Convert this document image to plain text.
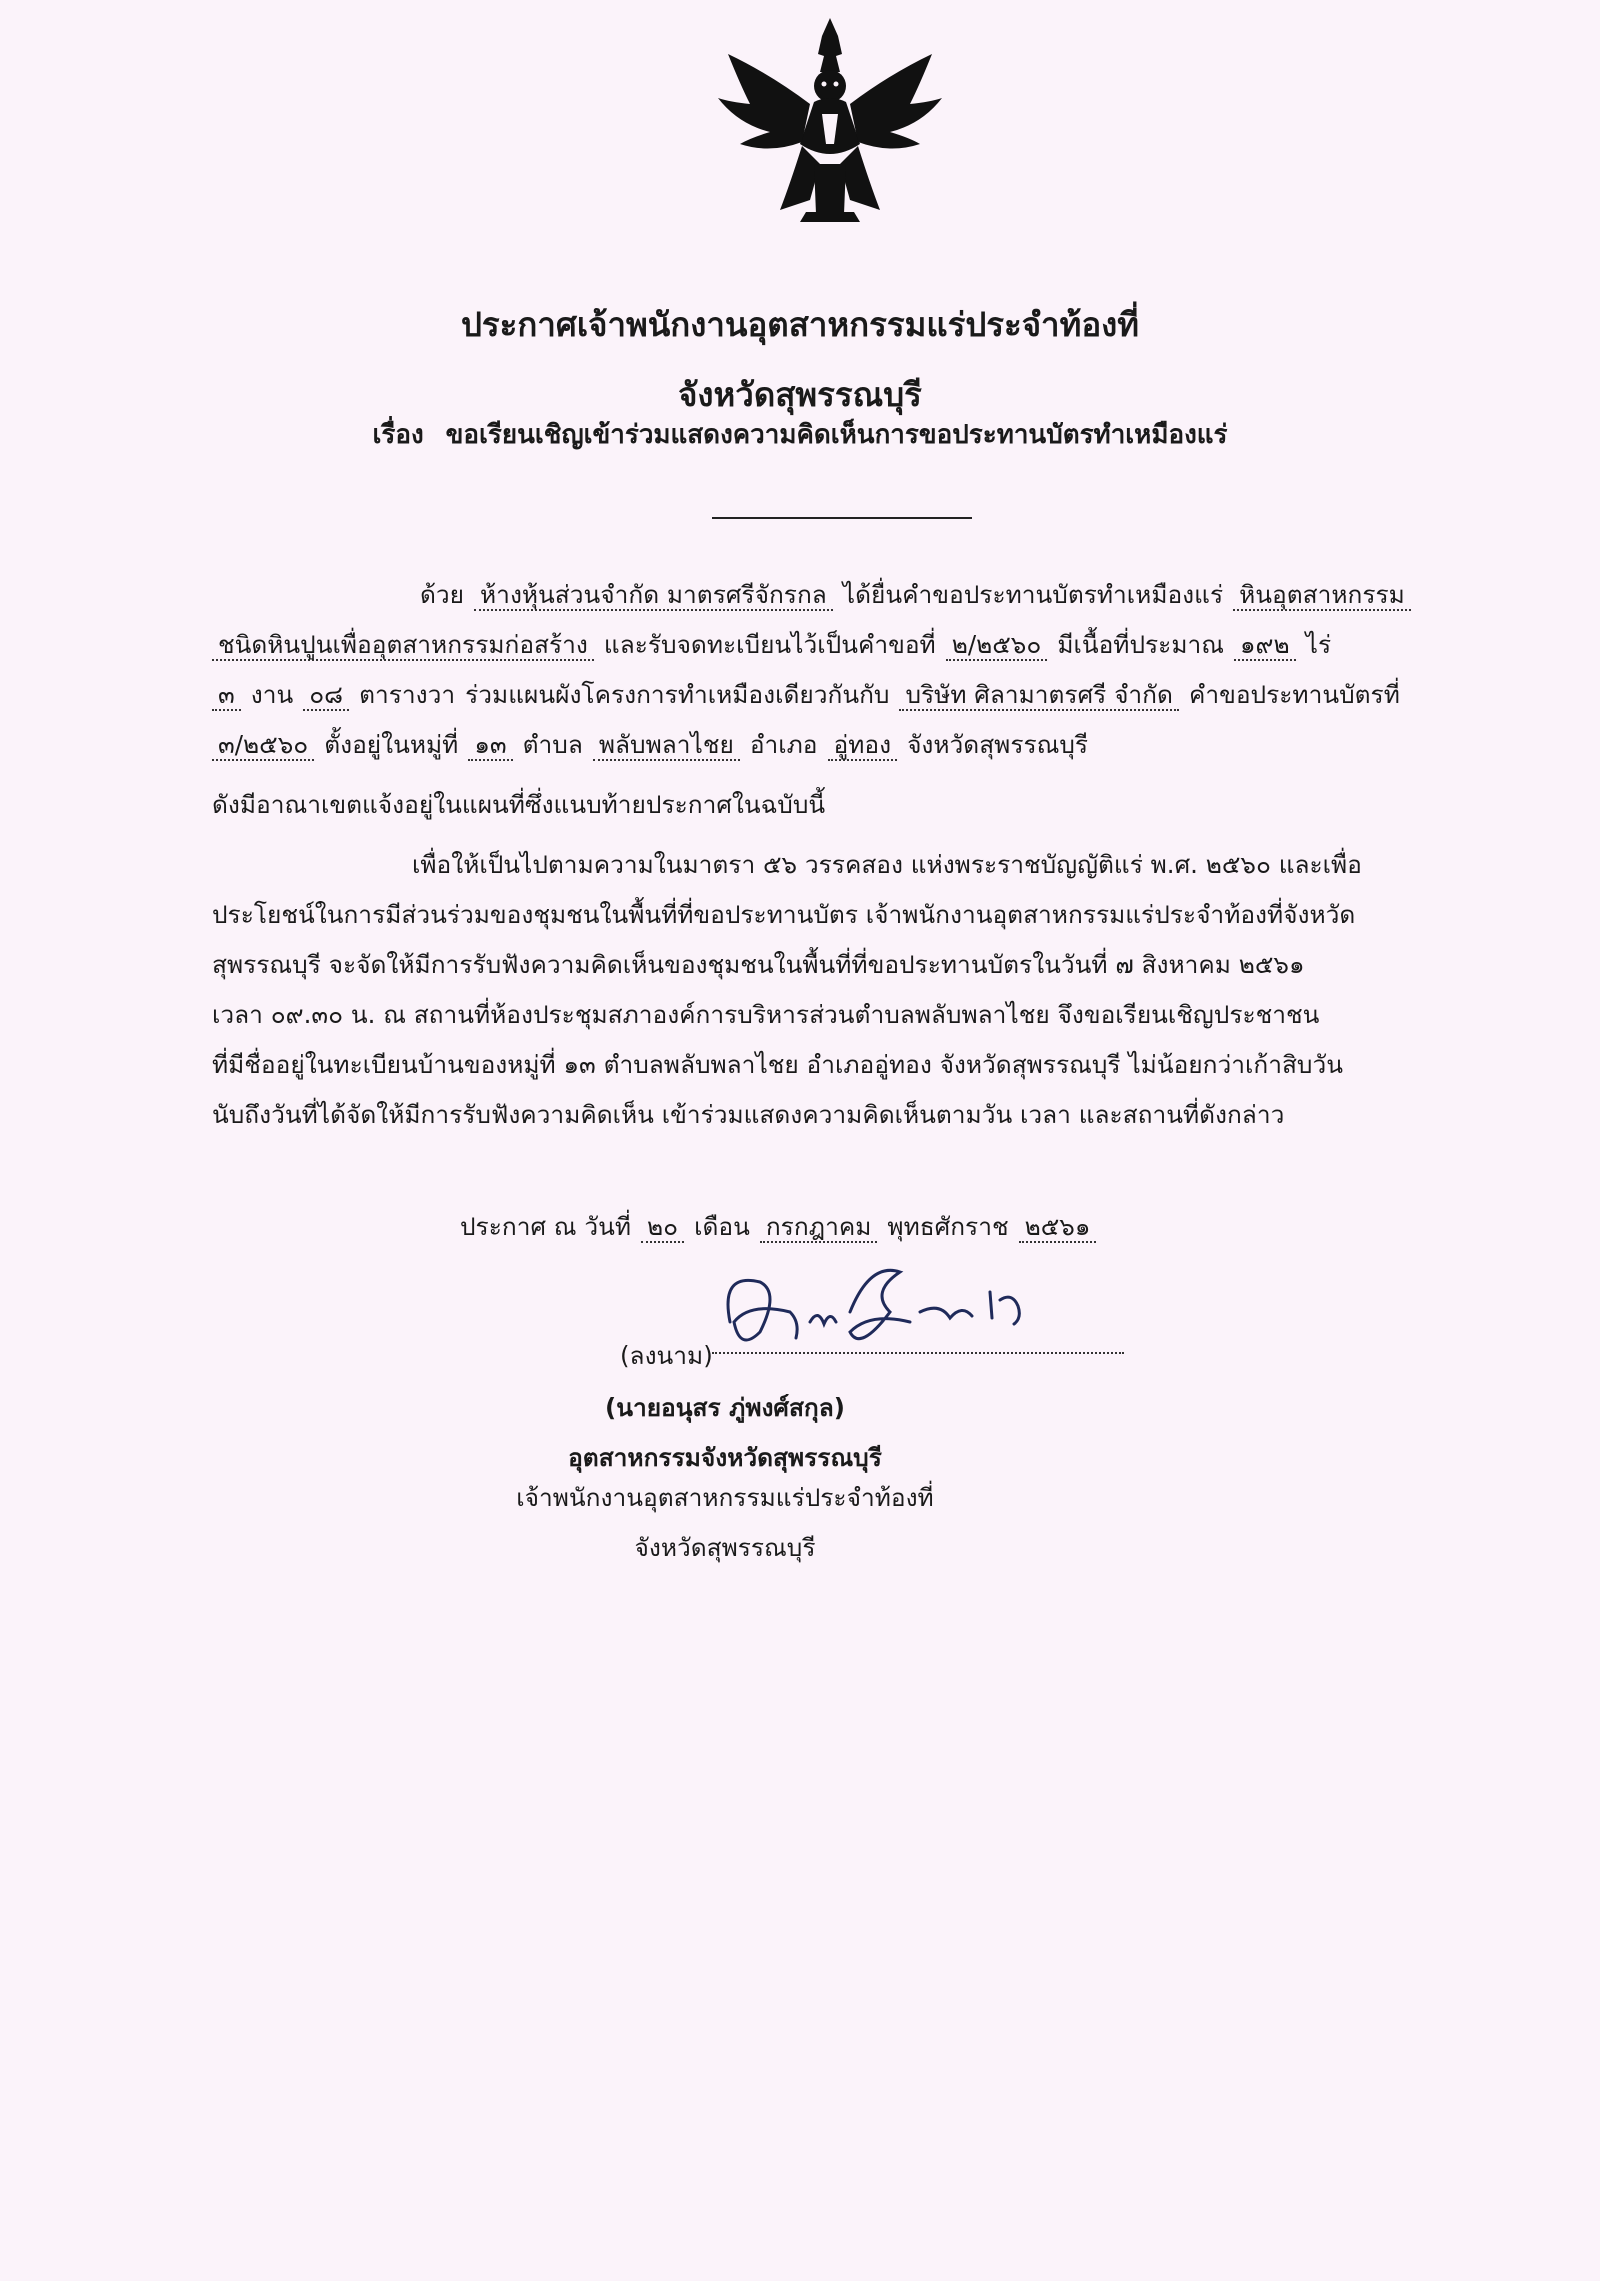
ประกาศเจ้าพนักงานอุตสาหกรรมแร่ประจำท้องที่
จังหวัดสุพรรณบุรี
เรื่อง ขอเรียนเชิญเข้าร่วมแสดงความคิดเห็นการขอประทานบัตรทำเหมืองแร่
ด้วย ห้างหุ้นส่วนจำกัด มาตรศรีจักรกล ได้ยื่นคำขอประทานบัตรทำเหมืองแร่ หินอุตสาหกรรม
ชนิดหินปูนเพื่ออุตสาหกรรมก่อสร้าง และรับจดทะเบียนไว้เป็นคำขอที่ ๒/๒๕๖๐ มีเนื้อที่ประมาณ ๑๙๒ ไร่
๓ งาน ๐๘ ตารางวา ร่วมแผนผังโครงการทำเหมืองเดียวกันกับ บริษัท ศิลามาตรศรี จำกัด คำขอประทานบัตรที่
๓/๒๕๖๐ ตั้งอยู่ในหมู่ที่ ๑๓ ตำบล พลับพลาไชย อำเภอ อู่ทอง จังหวัดสุพรรณบุรี
ดังมีอาณาเขตแจ้งอยู่ในแผนที่ซึ่งแนบท้ายประกาศในฉบับนี้
เพื่อให้เป็นไปตามความในมาตรา ๕๖ วรรคสอง แห่งพระราชบัญญัติแร่ พ.ศ. ๒๕๖๐ และเพื่อ
ประโยชน์ในการมีส่วนร่วมของชุมชนในพื้นที่ที่ขอประทานบัตร เจ้าพนักงานอุตสาหกรรมแร่ประจำท้องที่จังหวัด
สุพรรณบุรี จะจัดให้มีการรับฟังความคิดเห็นของชุมชนในพื้นที่ที่ขอประทานบัตรในวันที่ ๗ สิงหาคม ๒๕๖๑
เวลา ๐๙.๓๐ น. ณ สถานที่ห้องประชุมสภาองค์การบริหารส่วนตำบลพลับพลาไชย จึงขอเรียนเชิญประชาชน
ที่มีชื่ออยู่ในทะเบียนบ้านของหมู่ที่ ๑๓ ตำบลพลับพลาไชย อำเภออู่ทอง จังหวัดสุพรรณบุรี ไม่น้อยกว่าเก้าสิบวัน
นับถึงวันที่ได้จัดให้มีการรับฟังความคิดเห็น เข้าร่วมแสดงความคิดเห็นตามวัน เวลา และสถานที่ดังกล่าว
ประกาศ ณ วันที่ ๒๐ เดือน กรกฎาคม พุทธศักราช ๒๕๖๑
(ลงนาม)
(นายอนุสร ภู่พงศ์สกุล)
อุตสาหกรรมจังหวัดสุพรรณบุรี
เจ้าพนักงานอุตสาหกรรมแร่ประจำท้องที่
จังหวัดสุพรรณบุรี
